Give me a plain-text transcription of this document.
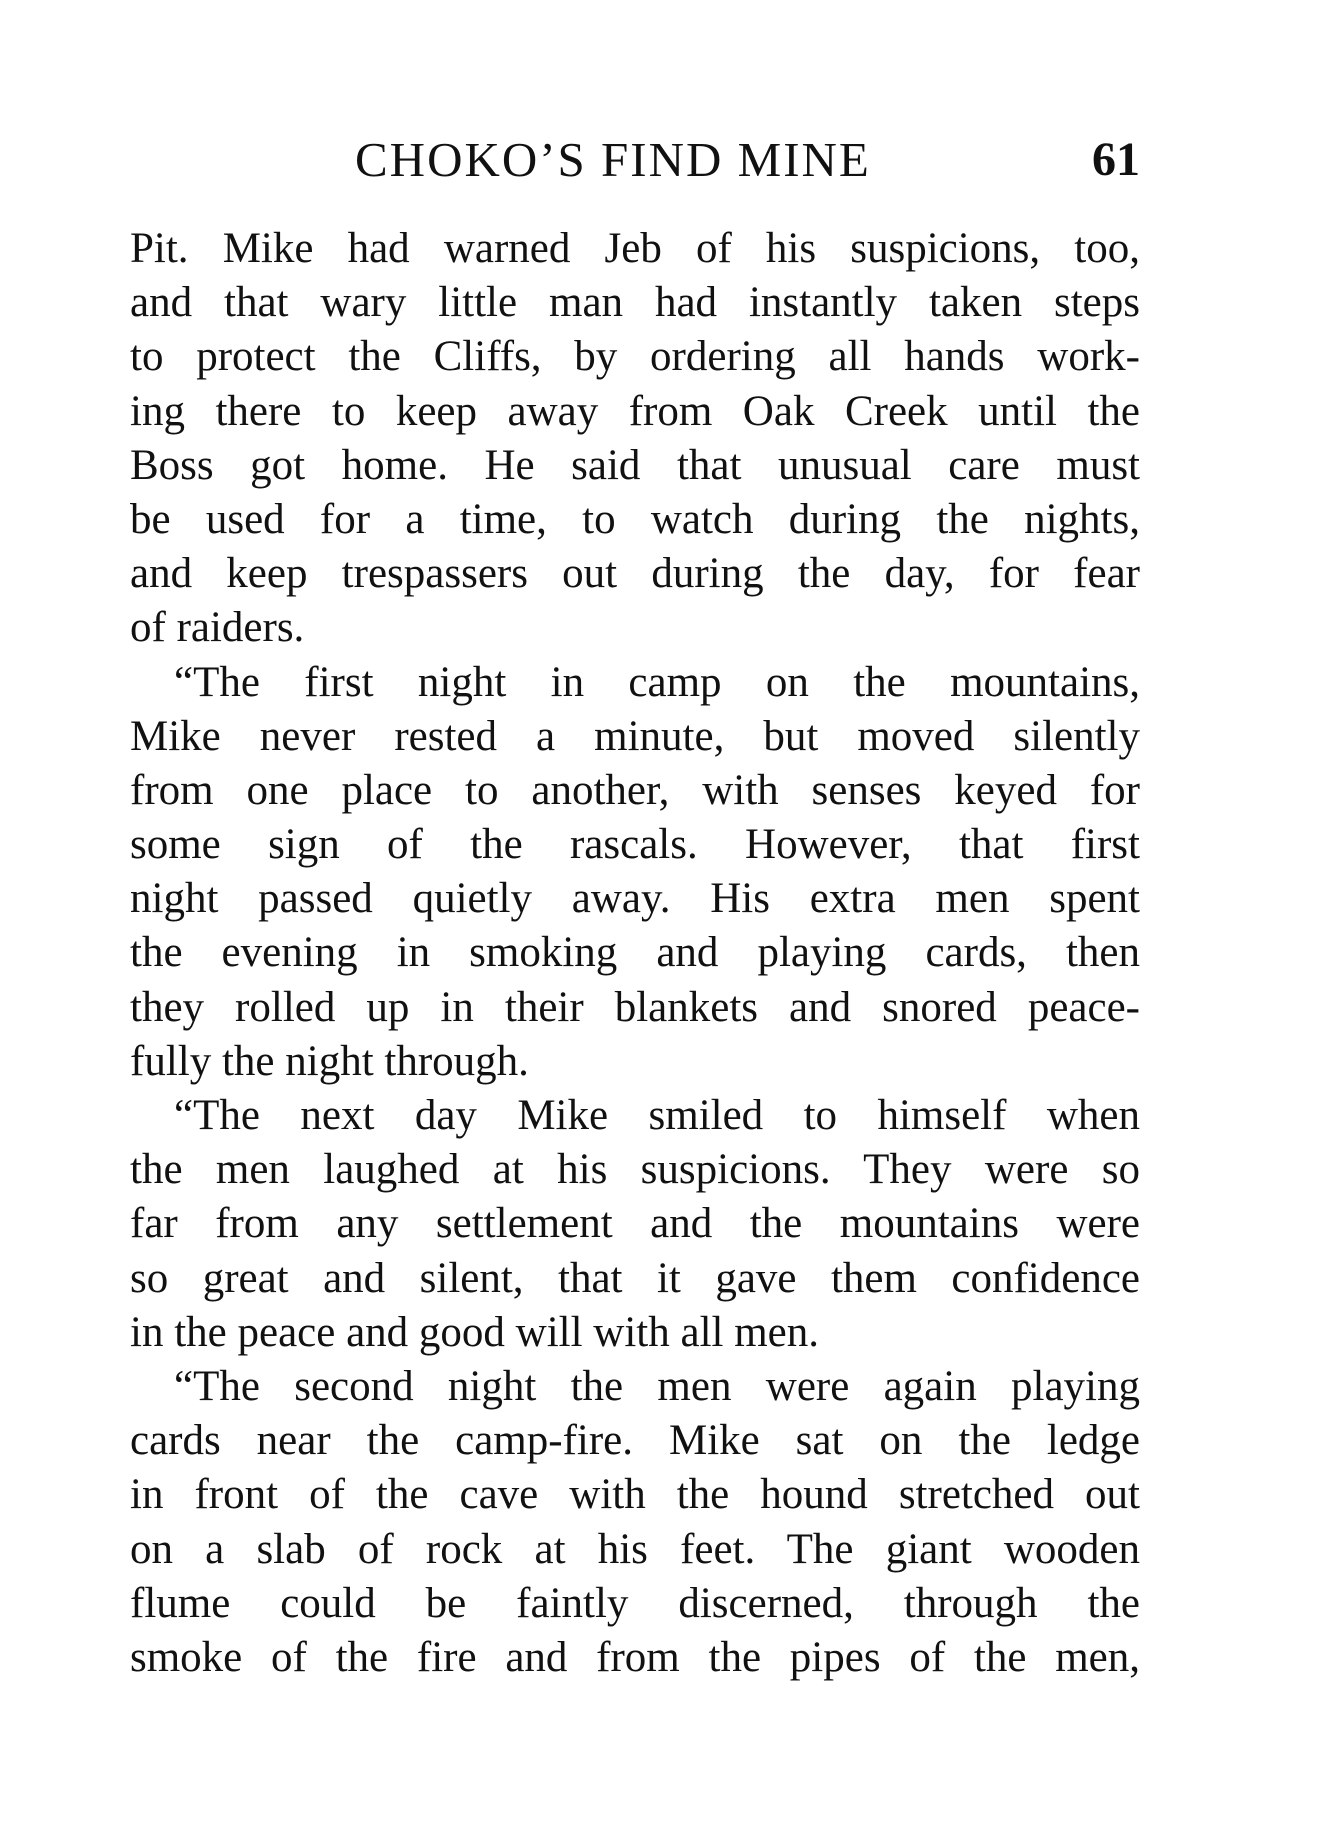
CHOKO’S FIND MINE	61
Pit. Mike had warned Jeb of his suspicions, too,
and that wary little man had instantly taken steps
to protect the Cliffs, by ordering all hands work-
ing there to keep away from Oak Creek until the
Boss got home. He said that unusual care must
be used for a time, to watch during the nights,
and keep trespassers out during the day, for fear
of raiders.
“The first night in camp on the mountains,
Mike never rested a minute, but moved silently
from one place to another, with senses keyed for
some sign of the rascals. However, that first
night passed quietly away. His extra men spent
the evening in smoking and playing cards, then
they rolled up in their blankets and snored peace-
fully the night through.
“The next day Mike smiled to himself when
the men laughed at his suspicions. They were so
far from any settlement and the mountains were
so great and silent, that it gave them confidence
in the peace and good will with all men.
“The second night the men were again playing
cards near the camp-fire. Mike sat on the ledge
in front of the cave with the hound stretched out
on a slab of rock at his feet. The giant wooden
flume could be faintly discerned, through the
smoke of the fire and from the pipes of the men,
